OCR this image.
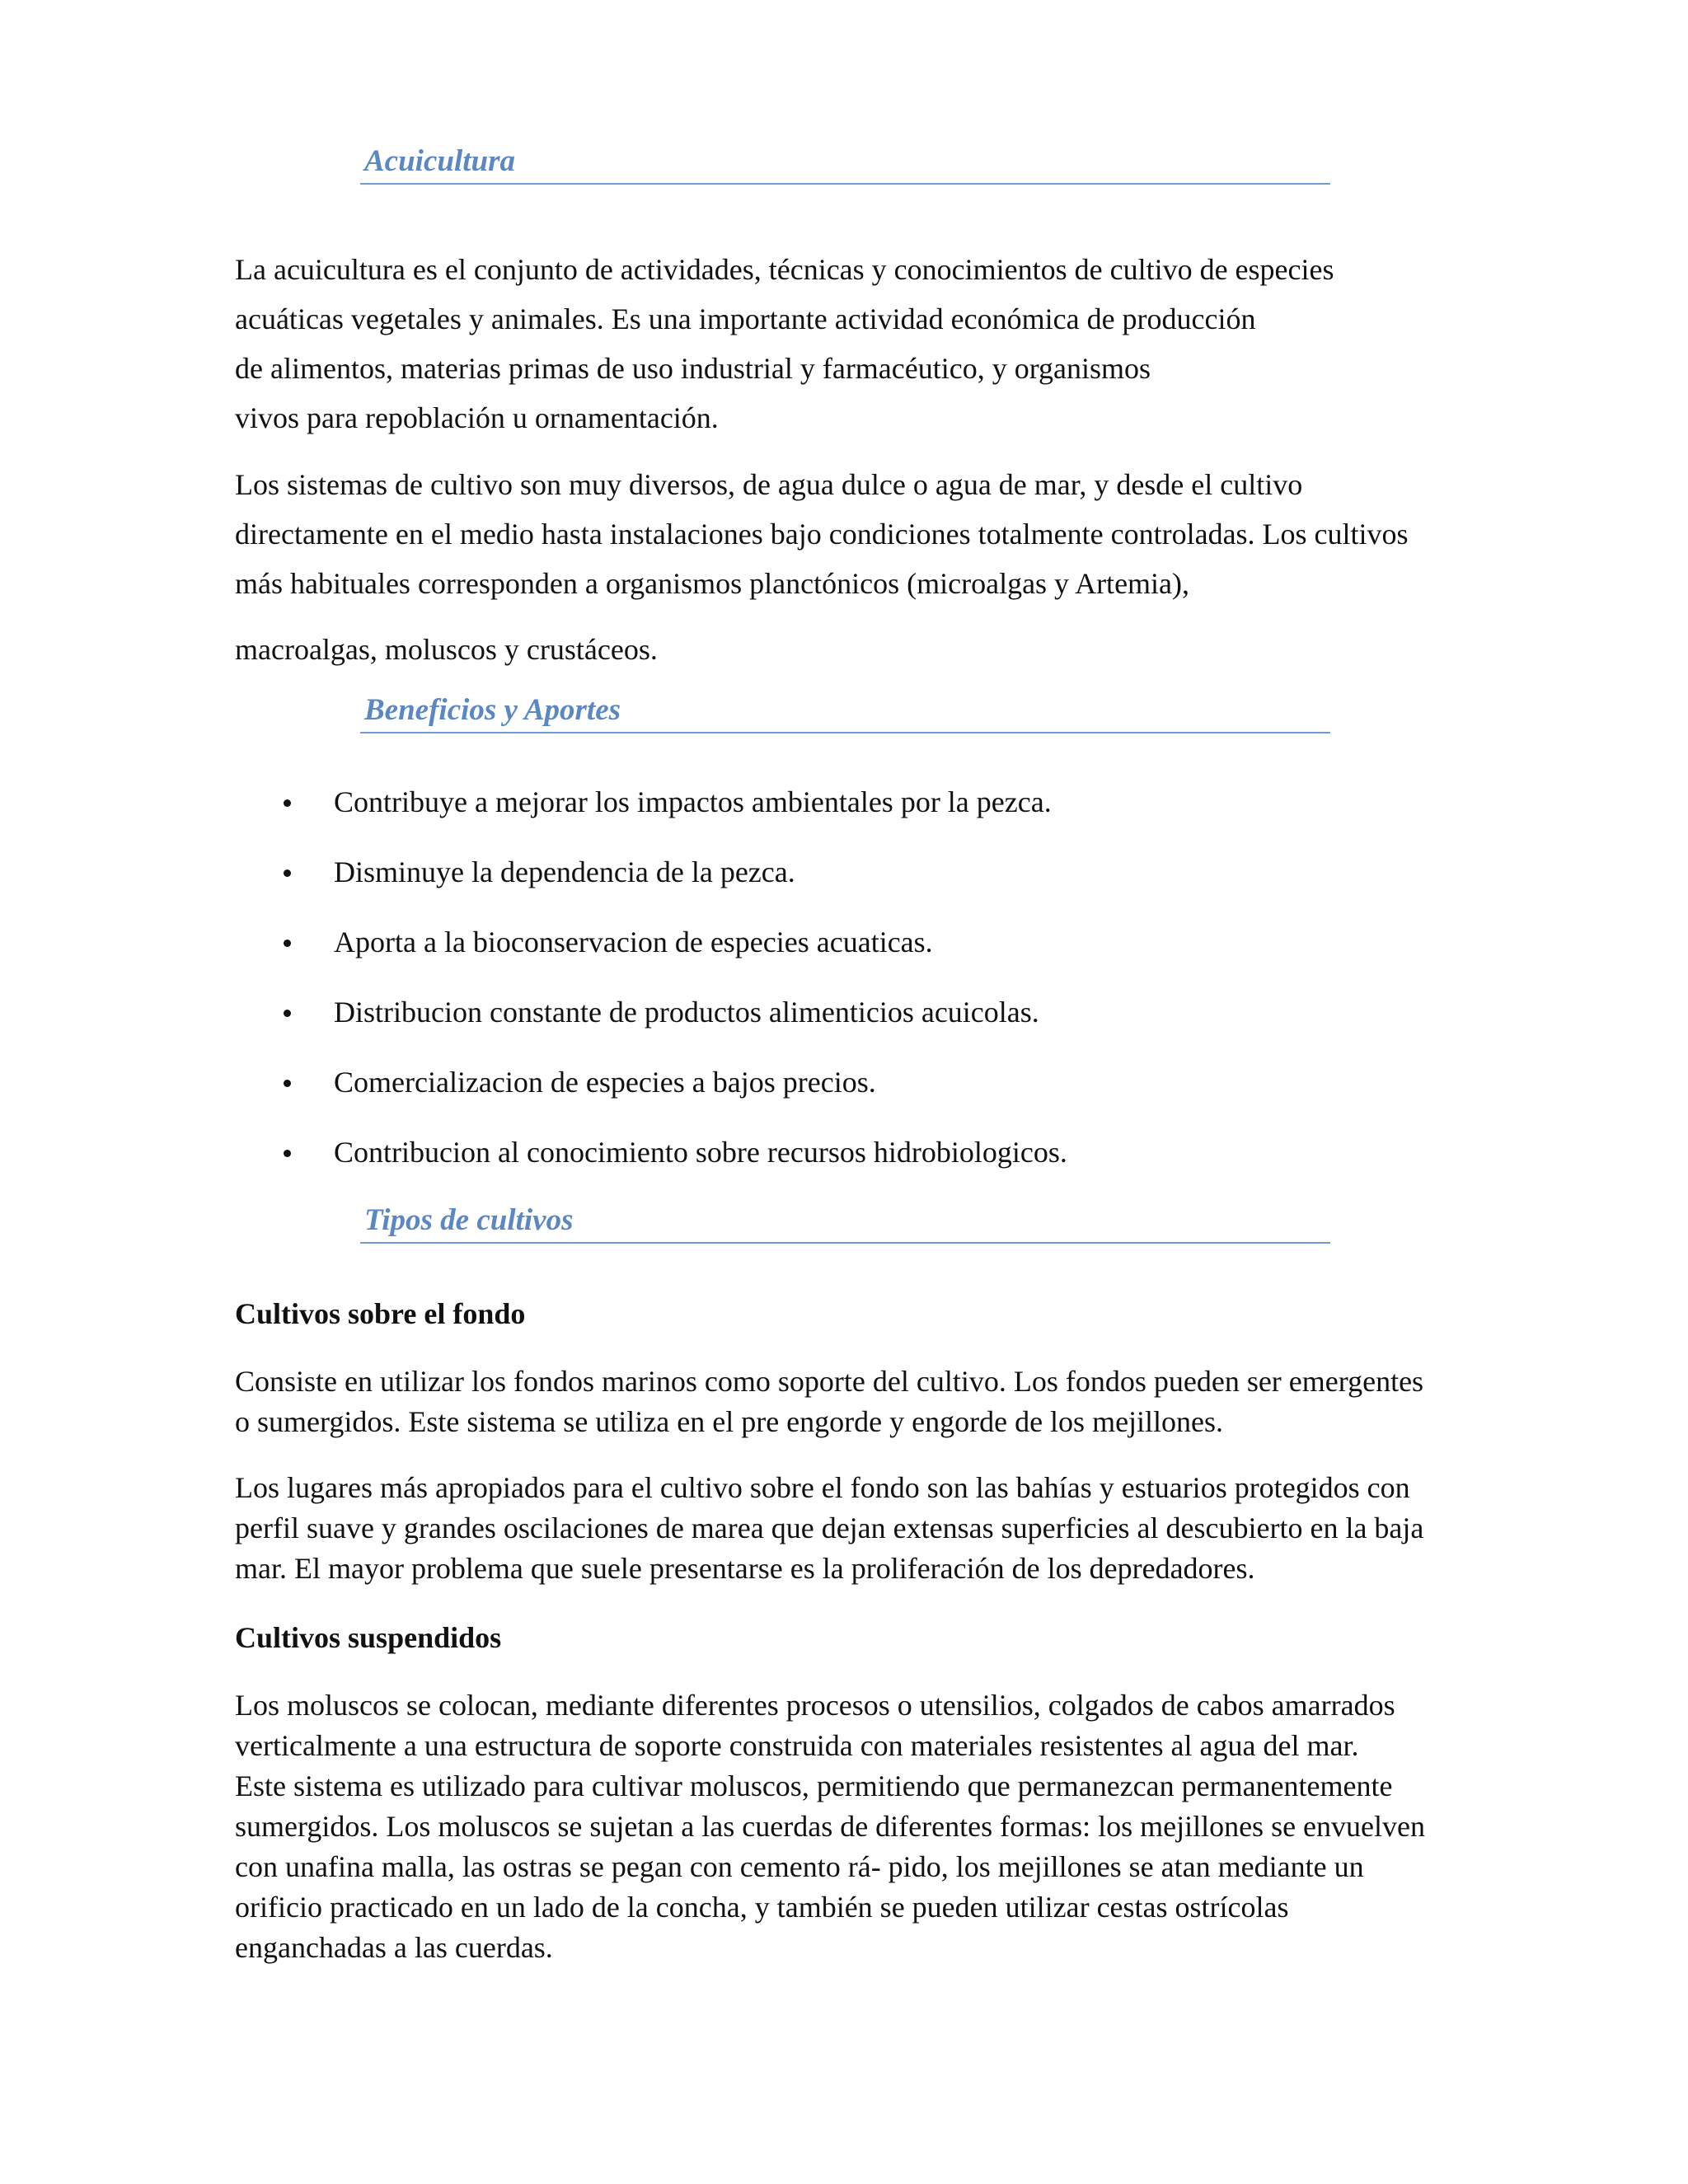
Acuicultura
La acuicultura es el conjunto de actividades, técnicas y conocimientos de cultivo de especies
acuáticas vegetales y animales. Es una importante actividad económica de producción
de alimentos, materias primas de uso industrial y farmacéutico, y organismos
vivos para repoblación u ornamentación.
Los sistemas de cultivo son muy diversos, de agua dulce o agua de mar, y desde el cultivo
directamente en el medio hasta instalaciones bajo condiciones totalmente controladas. Los cultivos
más habituales corresponden a organismos planctónicos (microalgas y Artemia),
macroalgas, moluscos y crustáceos.
Beneficios y Aportes
Contribuye a mejorar los impactos ambientales por la pezca.
Disminuye la dependencia de la pezca.
Aporta a la bioconservacion de especies acuaticas.
Distribucion constante de productos alimenticios acuicolas.
Comercializacion de especies a bajos precios.
Contribucion al conocimiento sobre recursos hidrobiologicos.
Tipos de cultivos
Cultivos sobre el fondo
Consiste en utilizar los fondos marinos como soporte del cultivo. Los fondos pueden ser emergentes
o sumergidos. Este sistema se utiliza en el pre engorde y engorde de los mejillones.
Los lugares más apropiados para el cultivo sobre el fondo son las bahías y estuarios protegidos con
perfil suave y grandes oscilaciones de marea que dejan extensas superficies al descubierto en la baja
mar. El mayor problema que suele presentarse es la proliferación de los depredadores.
Cultivos suspendidos
Los moluscos se colocan, mediante diferentes procesos o utensilios, colgados de cabos amarrados
verticalmente a una estructura de soporte construida con materiales resistentes al agua del mar.
Este sistema es utilizado para cultivar moluscos, permitiendo que permanezcan permanentemente
sumergidos. Los moluscos se sujetan a las cuerdas de diferentes formas: los mejillones se envuelven
con unafina malla, las ostras se pegan con cemento rá- pido, los mejillones se atan mediante un
orificio practicado en un lado de la concha, y también se pueden utilizar cestas ostrícolas
enganchadas a las cuerdas.
